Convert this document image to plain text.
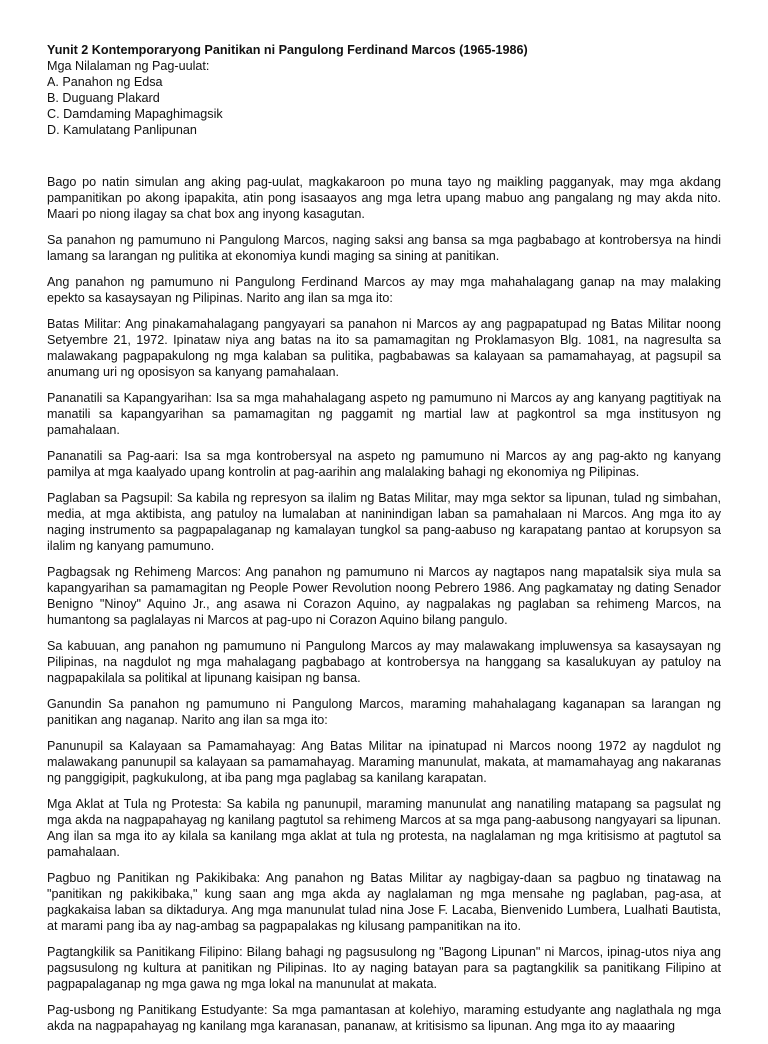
Yunit 2 Kontemporaryong Panitikan ni Pangulong Ferdinand Marcos (1965-1986)
Mga Nilalaman ng Pag-uulat:
A. Panahon ng Edsa
B. Duguang Plakard
C. Damdaming Mapaghimagsik
D. Kamulatang Panlipunan

Bago po natin simulan ang aking pag-uulat, magkakaroon po muna tayo ng maikling pagganyak, may mga akdang pampanitikan po akong ipapakita, atin pong isasaayos ang mga letra upang mabuo ang pangalang ng may akda nito. Maari po niong ilagay sa chat box ang inyong kasagutan.

Sa panahon ng pamumuno ni Pangulong Marcos, naging saksi ang bansa sa mga pagbabago at kontrobersya na hindi lamang sa larangan ng pulitika at ekonomiya kundi maging sa sining at panitikan.

Ang panahon ng pamumuno ni Pangulong Ferdinand Marcos ay may mga mahahalagang ganap na may malaking epekto sa kasaysayan ng Pilipinas. Narito ang ilan sa mga ito:

Batas Militar: Ang pinakamahalagang pangyayari sa panahon ni Marcos ay ang pagpapatupad ng Batas Militar noong Setyembre 21, 1972. Ipinataw niya ang batas na ito sa pamamagitan ng Proklamasyon Blg. 1081, na nagresulta sa malawakang pagpapakulong ng mga kalaban sa pulitika, pagbabawas sa kalayaan sa pamamahayag, at pagsupil sa anumang uri ng oposisyon sa kanyang pamahalaan.

Pananatili sa Kapangyarihan: Isa sa mga mahahalagang aspeto ng pamumuno ni Marcos ay ang kanyang pagtitiyak na manatili sa kapangyarihan sa pamamagitan ng paggamit ng martial law at pagkontrol sa mga institusyon ng pamahalaan.

Pananatili sa Pag-aari: Isa sa mga kontrobersyal na aspeto ng pamumuno ni Marcos ay ang pag-akto ng kanyang pamilya at mga kaalyado upang kontrolin at pag-aarihin ang malalaking bahagi ng ekonomiya ng Pilipinas.

Paglaban sa Pagsupil: Sa kabila ng represyon sa ilalim ng Batas Militar, may mga sektor sa lipunan, tulad ng simbahan, media, at mga aktibista, ang patuloy na lumalaban at naninindigan laban sa pamahalaan ni Marcos. Ang mga ito ay naging instrumento sa pagpapalaganap ng kamalayan tungkol sa pang-aabuso ng karapatang pantao at korupsyon sa ilalim ng kanyang pamumuno.

Pagbagsak ng Rehimeng Marcos: Ang panahon ng pamumuno ni Marcos ay nagtapos nang mapatalsik siya mula sa kapangyarihan sa pamamagitan ng People Power Revolution noong Pebrero 1986. Ang pagkamatay ng dating Senador Benigno "Ninoy" Aquino Jr., ang asawa ni Corazon Aquino, ay nagpalakas ng paglaban sa rehimeng Marcos, na humantong sa paglalayas ni Marcos at pag-upo ni Corazon Aquino bilang pangulo.

Sa kabuuan, ang panahon ng pamumuno ni Pangulong Marcos ay may malawakang impluwensya sa kasaysayan ng Pilipinas, na nagdulot ng mga mahalagang pagbabago at kontrobersya na hanggang sa kasalukuyan ay patuloy na nagpapakilala sa politikal at lipunang kaisipan ng bansa.

Ganundin Sa panahon ng pamumuno ni Pangulong Marcos, maraming mahahalagang kaganapan sa larangan ng panitikan ang naganap. Narito ang ilan sa mga ito:

Panunupil sa Kalayaan sa Pamamahayag: Ang Batas Militar na ipinatupad ni Marcos noong 1972 ay nagdulot ng malawakang panunupil sa kalayaan sa pamamahayag. Maraming manunulat, makata, at mamamahayag ang nakaranas ng panggigipit, pagkukulong, at iba pang mga paglabag sa kanilang karapatan.

Mga Aklat at Tula ng Protesta: Sa kabila ng panunupil, maraming manunulat ang nanatiling matapang sa pagsulat ng mga akda na nagpapahayag ng kanilang pagtutol sa rehimeng Marcos at sa mga pang-aabusong nangyayari sa lipunan. Ang ilan sa mga ito ay kilala sa kanilang mga aklat at tula ng protesta, na naglalaman ng mga kritisismo at pagtutol sa pamahalaan.

Pagbuo ng Panitikan ng Pakikibaka: Ang panahon ng Batas Militar ay nagbigay-daan sa pagbuo ng tinatawag na "panitikan ng pakikibaka," kung saan ang mga akda ay naglalaman ng mga mensahe ng paglaban, pag-asa, at pagkakaisa laban sa diktadurya. Ang mga manunulat tulad nina Jose F. Lacaba, Bienvenido Lumbera, Lualhati Bautista, at marami pang iba ay nag-ambag sa pagpapalakas ng kilusang pampanitikan na ito.

Pagtangkilik sa Panitikang Filipino: Bilang bahagi ng pagsusulong ng "Bagong Lipunan" ni Marcos, ipinag-utos niya ang pagsusulong ng kultura at panitikan ng Pilipinas. Ito ay naging batayan para sa pagtangkilik sa panitikang Filipino at pagpapalaganap ng mga gawa ng mga lokal na manunulat at makata.

Pag-usbong ng Panitikang Estudyante: Sa mga pamantasan at kolehiyo, maraming estudyante ang naglathala ng mga akda na nagpapahayag ng kanilang mga karanasan, pananaw, at kritisismo sa lipunan. Ang mga ito ay maaaring
